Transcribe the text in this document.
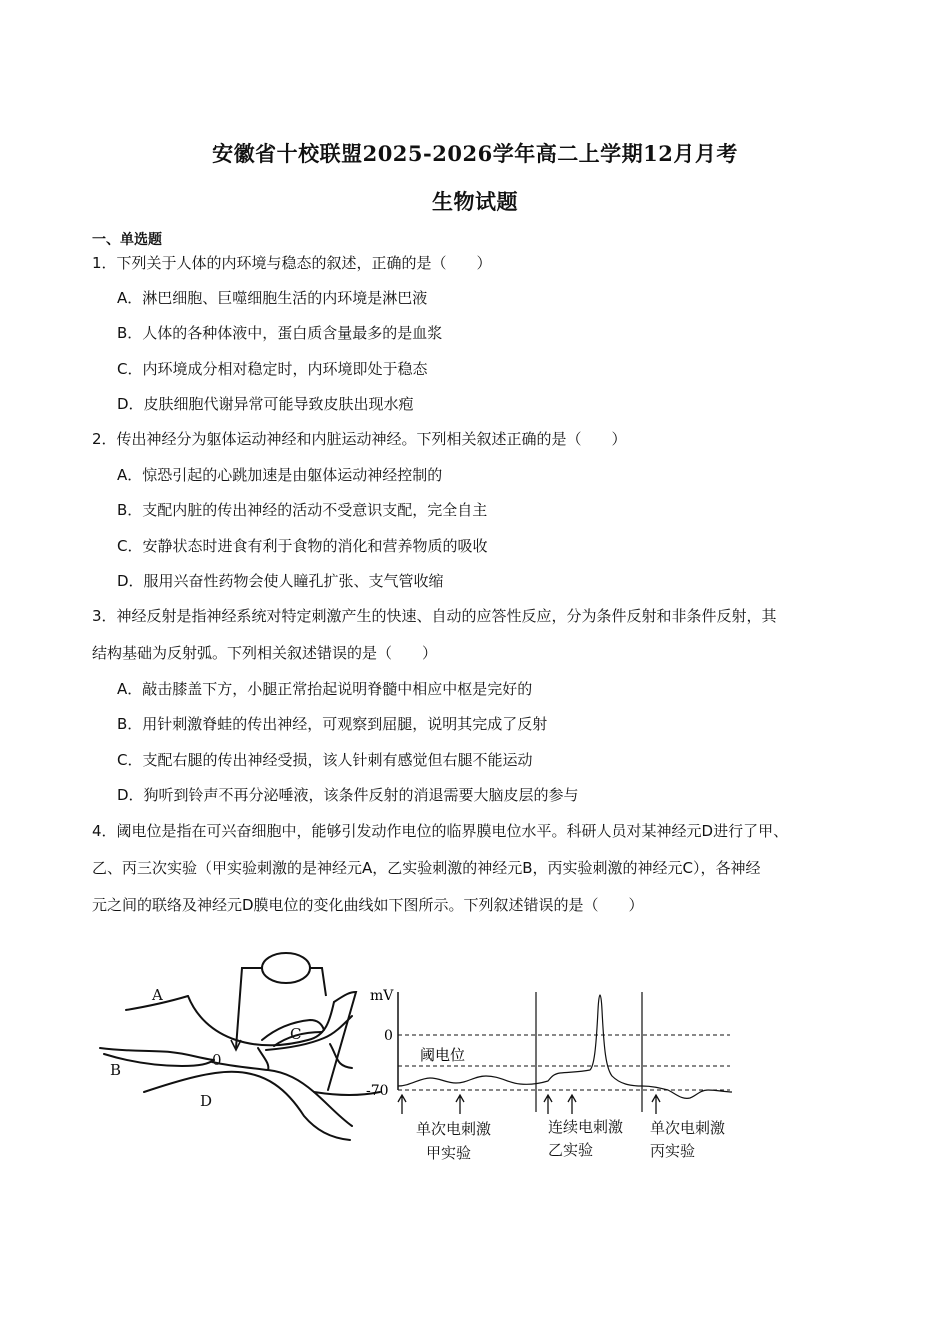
安徽省十校联盟2025-2026学年高二上学期12月月考
生物试题
一、单选题
1．下列关于人体的内环境与稳态的叙述，正确的是（　　）
A．淋巴细胞、巨噬细胞生活的内环境是淋巴液
B．人体的各种体液中，蛋白质含量最多的是血浆
C．内环境成分相对稳定时，内环境即处于稳态
D．皮肤细胞代谢异常可能导致皮肤出现水疱
2．传出神经分为躯体运动神经和内脏运动神经。下列相关叙述正确的是（　　）
A．惊恐引起的心跳加速是由躯体运动神经控制的
B．支配内脏的传出神经的活动不受意识支配，完全自主
C．安静状态时进食有利于食物的消化和营养物质的吸收
D．服用兴奋性药物会使人瞳孔扩张、支气管收缩
3．神经反射是指神经系统对特定刺激产生的快速、自动的应答性反应，分为条件反射和非条件反射，其
结构基础为反射弧。下列相关叙述错误的是（　　）
A．敲击膝盖下方，小腿正常抬起说明脊髓中相应中枢是完好的
B．用针刺激脊蛙的传出神经，可观察到屈腿，说明其完成了反射
C．支配右腿的传出神经受损，该人针刺有感觉但右腿不能运动
D．狗听到铃声不再分泌唾液，该条件反射的消退需要大脑皮层的参与
4．阈电位是指在可兴奋细胞中，能够引发动作电位的临界膜电位水平。科研人员对某神经元D进行了甲、
乙、丙三次实验（甲实验刺激的是神经元A，乙实验刺激的神经元B，丙实验刺激的神经元C），各神经
元之间的联络及神经元D膜电位的变化曲线如下图所示。下列叙述错误的是（　　）
A
B
C
D
0
mV
0
-70
阈电位
单次电刺激
甲实验
连续电刺激
乙实验
单次电刺激
丙实验
